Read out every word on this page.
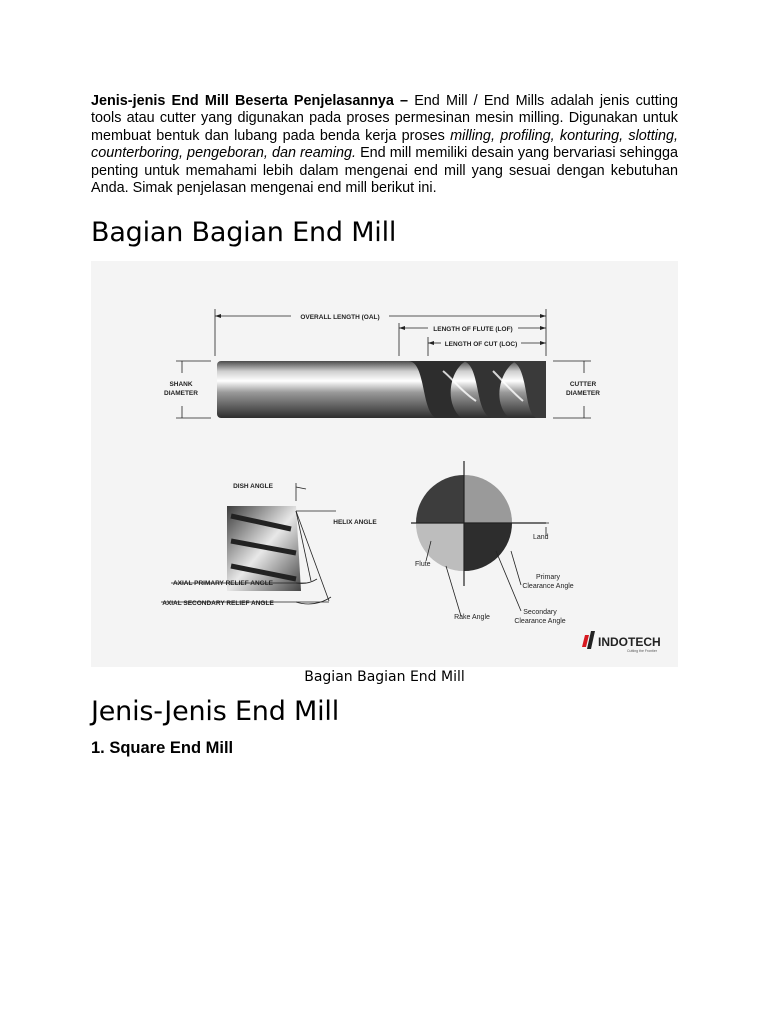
Jenis-jenis End Mill Beserta Penjelasannya – End Mill / End Mills adalah jenis cutting tools atau cutter yang digunakan pada proses permesinan mesin milling. Digunakan untuk membuat bentuk dan lubang pada benda kerja proses milling, profiling, konturing, slotting, counterboring, pengeboran, dan reaming. End mill memiliki desain yang bervariasi sehingga penting untuk memahami lebih dalam mengenai end mill yang sesuai dengan kebutuhan Anda. Simak penjelasan mengenai end mill berikut ini.

Bagian Bagian End Mill
OVERALL LENGTH (OAL)
LENGTH OF FLUTE (LOF)
LENGTH OF CUT (LOC)
SHANK
DIAMETER
CUTTER
DIAMETER
DISH ANGLE
HELIX ANGLE
AXIAL PRIMARY RELIEF ANGLE
AXIAL SECONDARY RELIEF ANGLE
Land
Flute
Primary
Clearance Angle
Rake Angle
Secondary
Clearance Angle
INDOTECH
Cutting the Frontier
Bagian Bagian End Mill
Jenis-Jenis End Mill
1. Square End Mill
